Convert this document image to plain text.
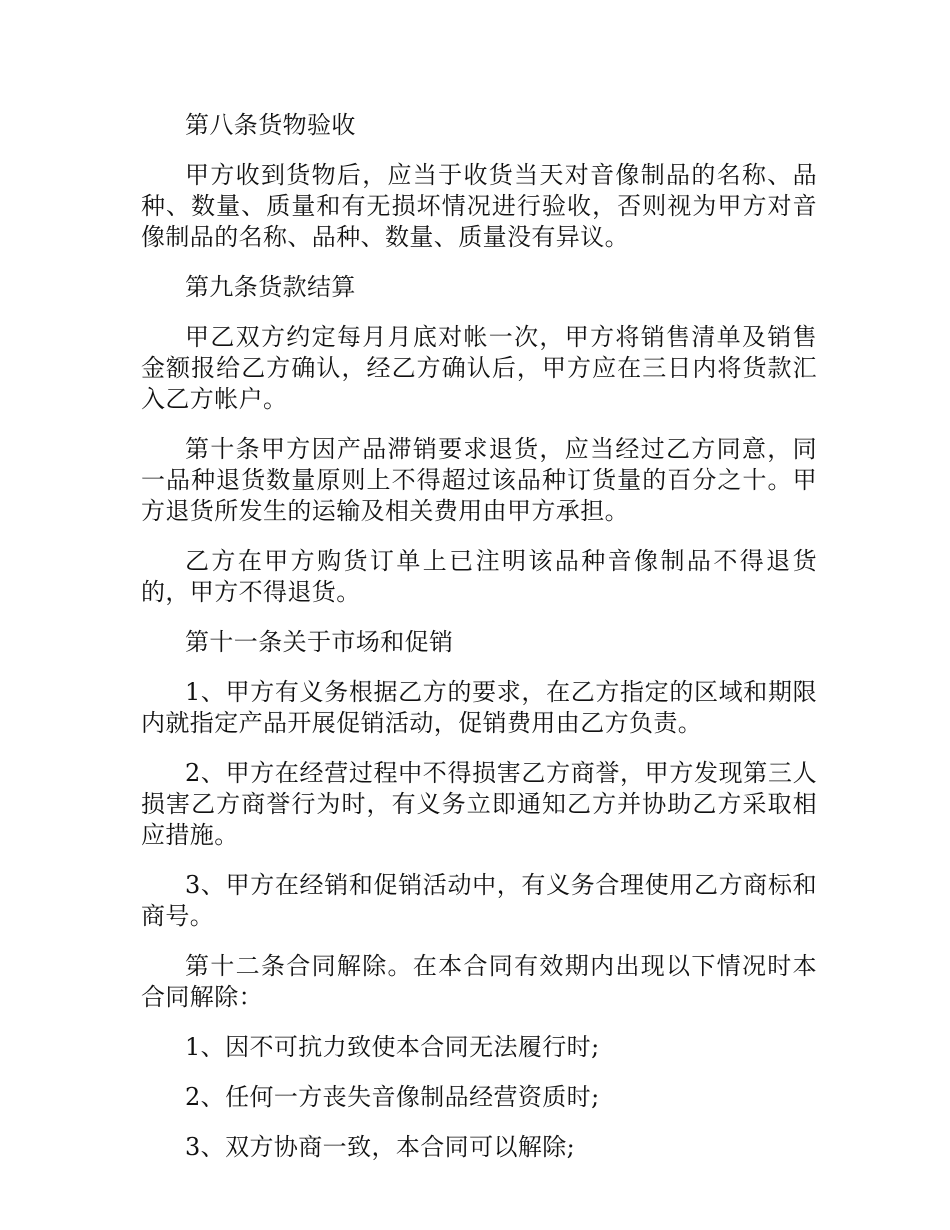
第八条货物验收

甲方收到货物后，应当于收货当天对音像制品的名称、品种、数量、质量和有无损坏情况进行验收，否则视为甲方对音像制品的名称、品种、数量、质量没有异议。

第九条货款结算

甲乙双方约定每月月底对帐一次，甲方将销售清单及销售金额报给乙方确认，经乙方确认后，甲方应在三日内将货款汇入乙方帐户。

第十条甲方因产品滞销要求退货，应当经过乙方同意，同一品种退货数量原则上不得超过该品种订货量的百分之十。甲方退货所发生的运输及相关费用由甲方承担。

乙方在甲方购货订单上已注明该品种音像制品不得退货的，甲方不得退货。

第十一条关于市场和促销

1、甲方有义务根据乙方的要求，在乙方指定的区域和期限内就指定产品开展促销活动，促销费用由乙方负责。

2、甲方在经营过程中不得损害乙方商誉，甲方发现第三人损害乙方商誉行为时，有义务立即通知乙方并协助乙方采取相应措施。

3、甲方在经销和促销活动中，有义务合理使用乙方商标和商号。

第十二条合同解除。在本合同有效期内出现以下情况时本合同解除：

1、因不可抗力致使本合同无法履行时;

2、任何一方丧失音像制品经营资质时;

3、双方协商一致，本合同可以解除;
